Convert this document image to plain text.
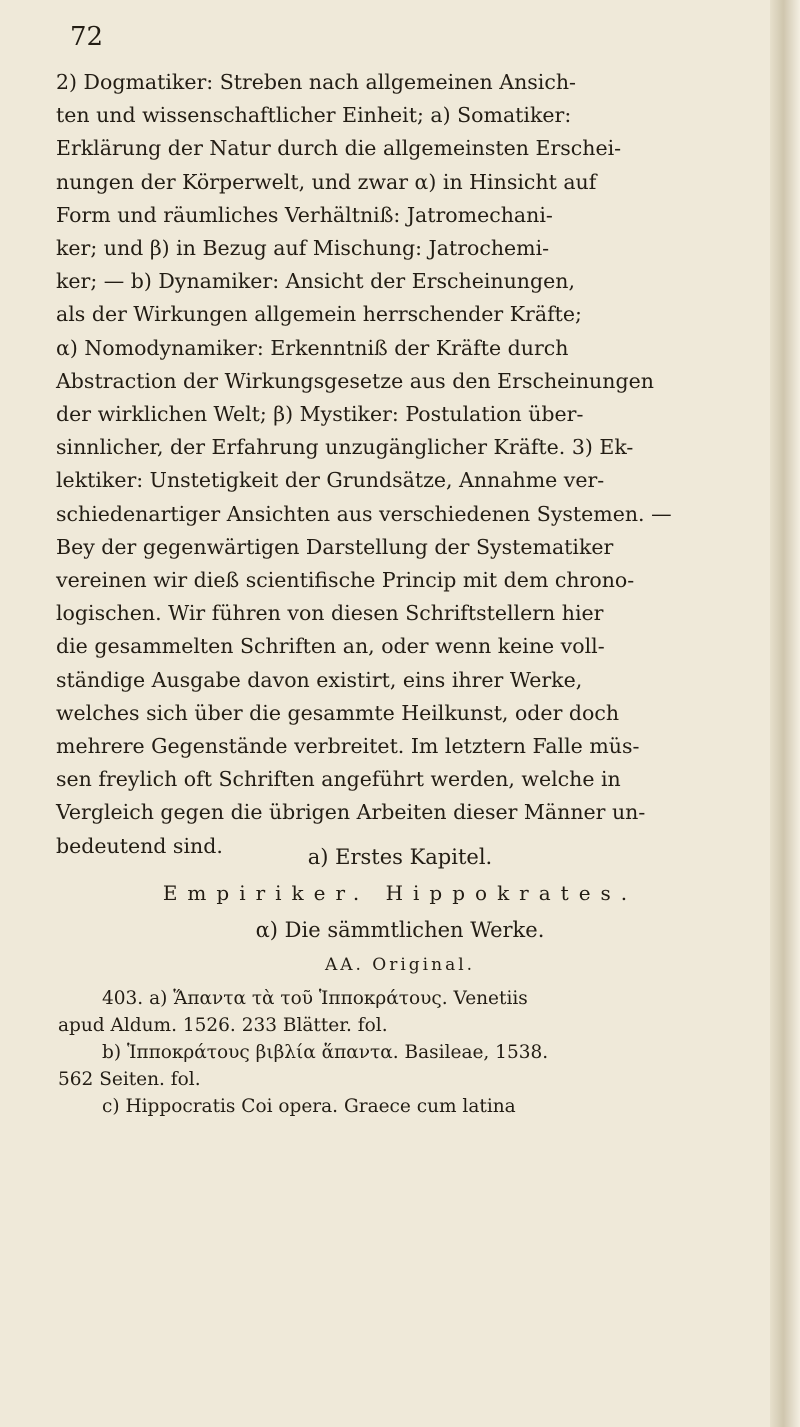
72

2) Dogmatiker: Streben nach allgemeinen Ansich-

ten und wissenschaftlicher Einheit; a) Somatiker:

Erklärung der Natur durch die allgemeinsten Erschei-

nungen der Körperwelt, und zwar α) in Hinsicht auf

Form und räumliches Verhältniß: Jatromechani-

ker; und β) in Bezug auf Mischung: Jatrochemi-

ker; — b) Dynamiker: Ansicht der Erscheinungen,

als der Wirkungen allgemein herrschender Kräfte;

α) Nomodynamiker: Erkenntniß der Kräfte durch

Abstraction der Wirkungsgesetze aus den Erscheinungen

der wirklichen Welt; β) Mystiker: Postulation über-

sinnlicher, der Erfahrung unzugänglicher Kräfte. 3) Ek-

lektiker: Unstetigkeit der Grundsätze, Annahme ver-

schiedenartiger Ansichten aus verschiedenen Systemen. —

Bey der gegenwärtigen Darstellung der Systematiker

vereinen wir dieß scientifische Princip mit dem chrono-

logischen. Wir führen von diesen Schriftstellern hier

die gesammelten Schriften an, oder wenn keine voll-

ständige Ausgabe davon existirt, eins ihrer Werke,

welches sich über die gesammte Heilkunst, oder doch

mehrere Gegenstände verbreitet. Im letztern Falle müs-

sen freylich oft Schriften angeführt werden, welche in

Vergleich gegen die übrigen Arbeiten dieser Männer un-

bedeutend sind.	a) Erstes Kapitel.
Empiriker. Hippokrates.
α) Die sämmtlichen Werke.
AA. Original.
403. a) Ἅπαντα τὰ τοῦ Ἱπποκράτους. Venetiis
apud Aldum. 1526. 233 Blätter. fol.
b) Ἱπποκράτους βιβλία ἅπαντα. Basileae, 1538.
562 Seiten. fol.
c) Hippocratis Coi opera. Graece cum latina
